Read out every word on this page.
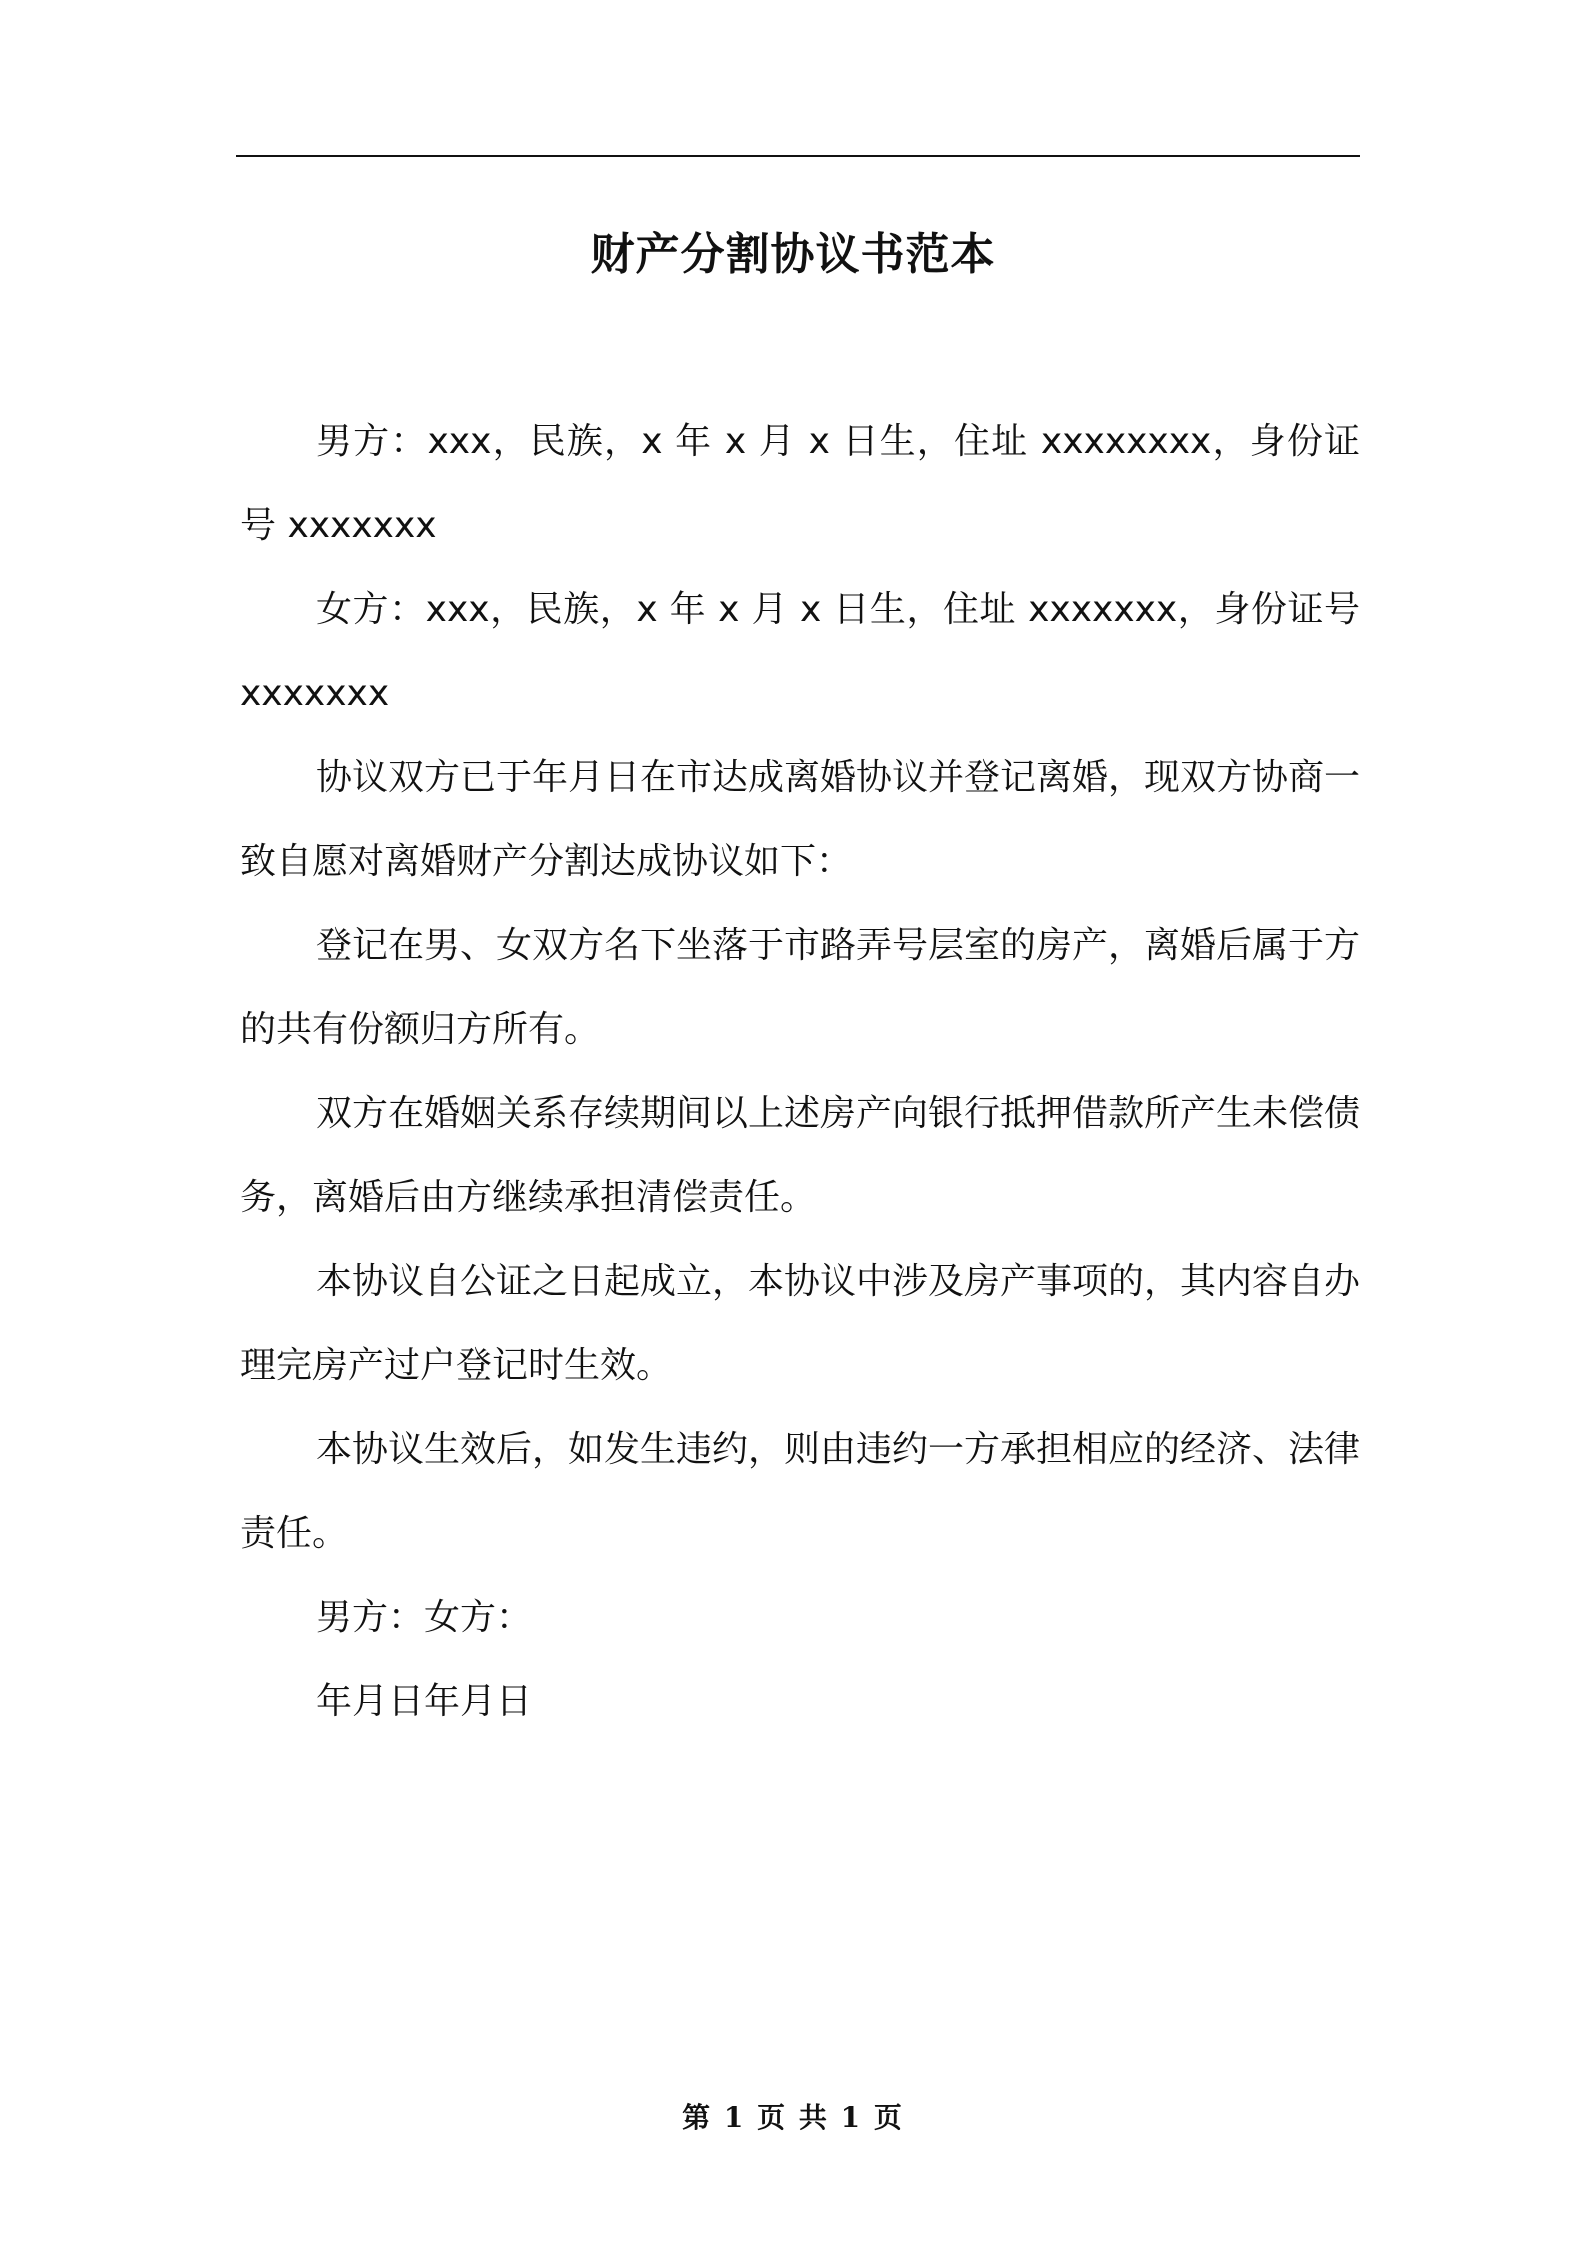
财产分割协议书范本

男方：xxx，民族，x 年 x 月 x 日生，住址 xxxxxxxx，身份证号 xxxxxxx

女方：xxx，民族，x 年 x 月 x 日生，住址 xxxxxxx，身份证号 xxxxxxx

协议双方已于年月日在市达成离婚协议并登记离婚，现双方协商一致自愿对离婚财产分割达成协议如下：

登记在男、女双方名下坐落于市路弄号层室的房产，离婚后属于方的共有份额归方所有。

双方在婚姻关系存续期间以上述房产向银行抵押借款所产生未偿债务，离婚后由方继续承担清偿责任。

本协议自公证之日起成立，本协议中涉及房产事项的，其内容自办理完房产过户登记时生效。

本协议生效后，如发生违约，则由违约一方承担相应的经济、法律责任。

男方：女方：

年月日年月日

第 1 页 共 1 页
